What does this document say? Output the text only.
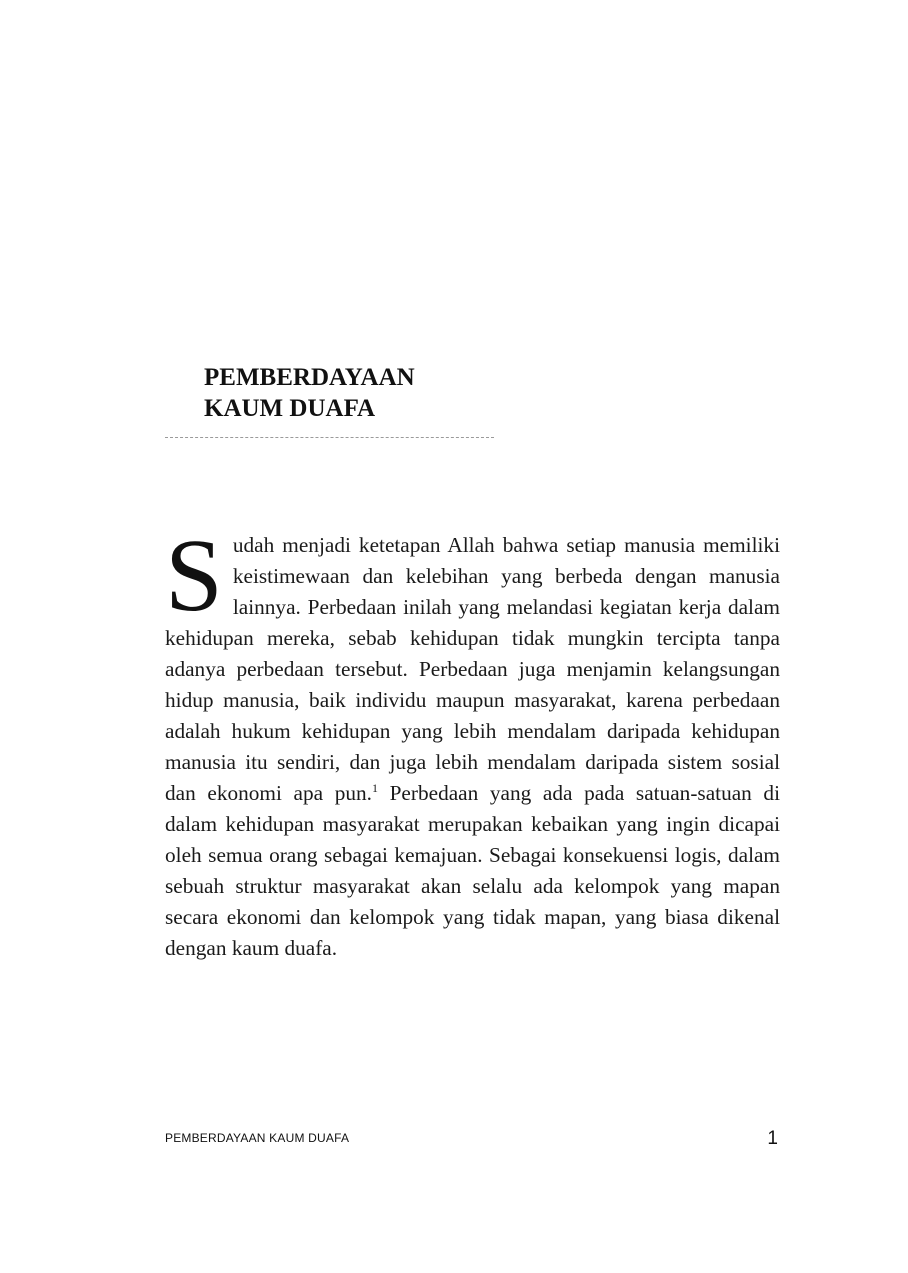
PEMBERDAYAAN
KAUM DUAFA

Sudah menjadi ketetapan Allah bahwa setiap manusia memiliki keistimewaan dan kelebihan yang berbeda dengan manusia lainnya. Perbedaan inilah yang melandasi kegiatan kerja dalam kehidupan mereka, sebab kehidupan tidak mungkin tercipta tanpa adanya perbedaan tersebut. Perbedaan juga menjamin kelangsungan hidup manusia, baik individu maupun masyarakat, karena perbedaan adalah hukum kehidupan yang lebih mendalam daripada kehidupan manusia itu sendiri, dan juga lebih mendalam daripada sistem sosial dan ekonomi apa pun.$^1$ Perbedaan yang ada pada satuan-satuan di dalam kehidupan masyarakat merupakan kebaikan yang ingin dicapai oleh semua orang sebagai kemajuan. Sebagai konsekuensi logis, dalam sebuah struktur masyarakat akan selalu ada kelompok yang mapan secara ekonomi dan kelompok yang tidak mapan, yang biasa dikenal dengan kaum duafa.

PEMBERDAYAAN KAUM DUAFA	1
